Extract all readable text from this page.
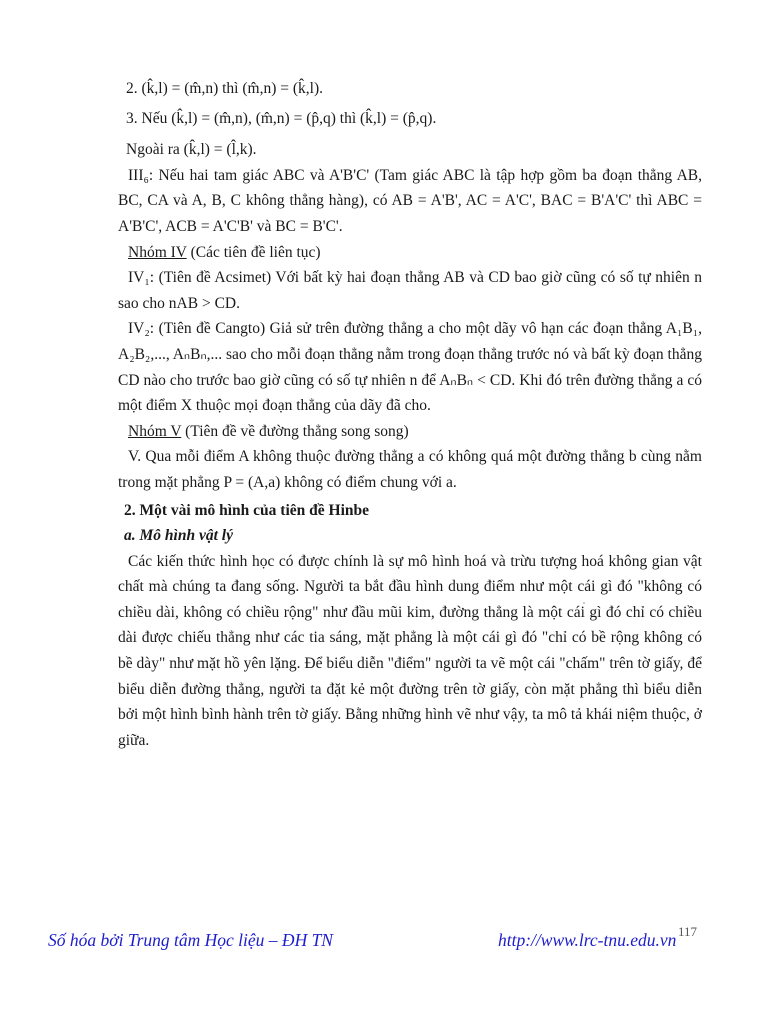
2. (k̂,l) = (m̂,n) thì (m̂,n) = (k̂,l).

3. Nếu (k̂,l) = (m̂,n), (m̂,n) = (p̂,q) thì (k̂,l) = (p̂,q).

Ngoài ra (k̂,l) = (l̂,k).

III₆: Nếu hai tam giác ABC và A'B'C' (Tam giác ABC là tập hợp gồm ba đoạn thẳng AB, BC, CA và A, B, C không thẳng hàng), có AB = A'B', AC = A'C', BAC = B'A'C' thì ABC = A'B'C', ACB = A'C'B' và BC = B'C'.

Nhóm IV (Các tiên đề liên tục)

IV₁: (Tiên đề Acsimet) Với bất kỳ hai đoạn thẳng AB và CD bao giờ cũng có số tự nhiên n sao cho nAB > CD.

IV₂: (Tiên đề Cangto) Giả sử trên đường thẳng a cho một dãy vô hạn các đoạn thẳng A₁B₁, A₂B₂,..., AₙBₙ,... sao cho mỗi đoạn thẳng nằm trong đoạn thẳng trước nó và bất kỳ đoạn thẳng CD nào cho trước bao giờ cũng có số tự nhiên n để AₙBₙ < CD. Khi đó trên đường thẳng a có một điểm X thuộc mọi đoạn thẳng của dãy đã cho.

Nhóm V (Tiên đề về đường thẳng song song)

V. Qua mỗi điểm A không thuộc đường thẳng a có không quá một đường thẳng b cùng nằm trong mặt phẳng P = (A,a) không có điểm chung với a.

2. Một vài mô hình của tiên đề Hinbe

a. Mô hình vật lý

Các kiến thức hình học có được chính là sự mô hình hoá và trừu tượng hoá không gian vật chất mà chúng ta đang sống. Người ta bắt đầu hình dung điểm như một cái gì đó "không có chiều dài, không có chiều rộng" như đầu mũi kim, đường thẳng là một cái gì đó chỉ có chiều dài được chiếu thẳng như các tia sáng, mặt phẳng là một cái gì đó "chỉ có bề rộng không có bề dày" như mặt hồ yên lặng. Để biểu diễn "điểm" người ta vẽ một cái "chấm" trên tờ giấy, để biểu diễn đường thẳng, người ta đặt kẻ một đường trên tờ giấy, còn mặt phẳng thì biểu diễn bởi một hình bình hành trên tờ giấy. Bằng những hình vẽ như vậy, ta mô tả khái niệm thuộc, ở giữa.

117
Số hóa bởi Trung tâm Học liệu – ĐH TN	http://www.lrc-tnu.edu.vn
